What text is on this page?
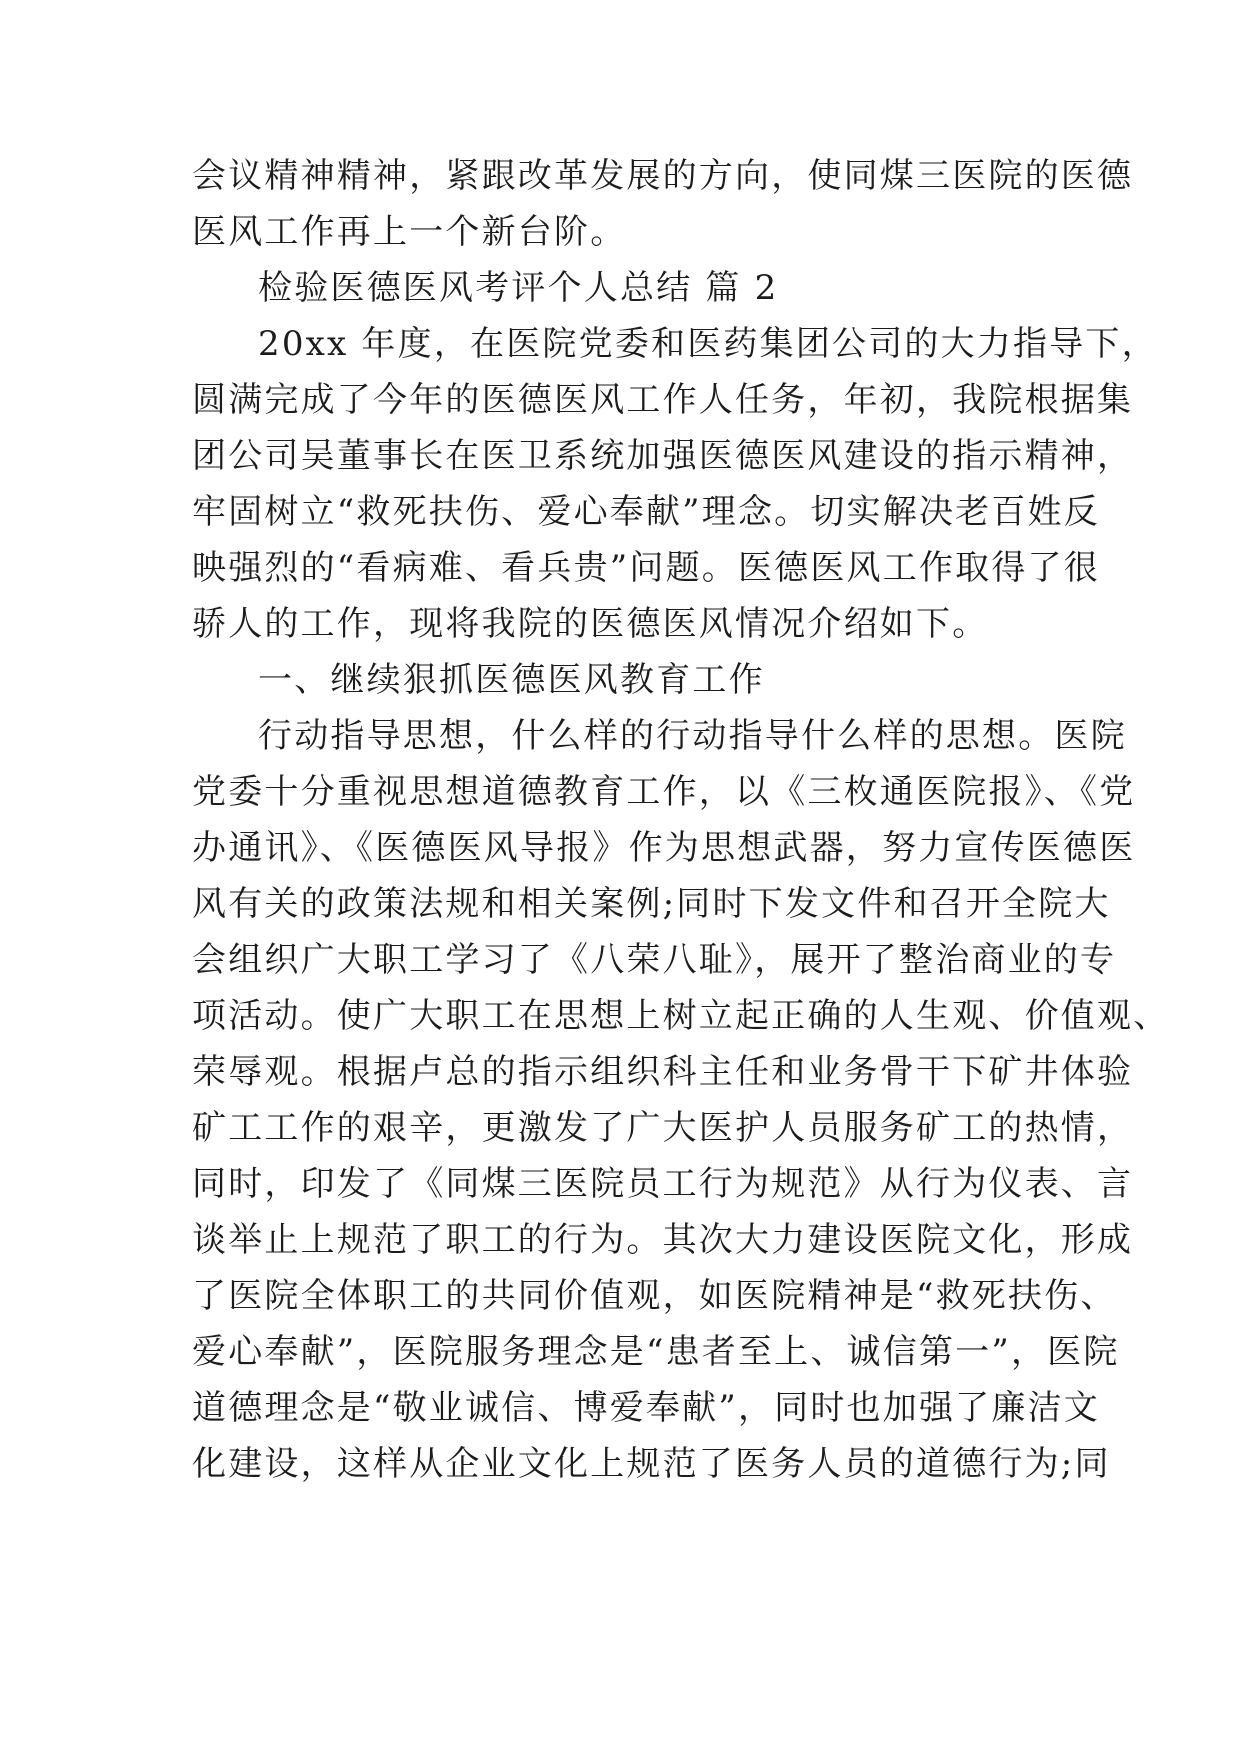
会议精神精神，紧跟改革发展的方向，使同煤三医院的医德
医风工作再上一个新台阶。
检验医德医风考评个人总结 篇 2
20xx 年度，在医院党委和医药集团公司的大力指导下，
圆满完成了今年的医德医风工作人任务，年初，我院根据集
团公司吴董事长在医卫系统加强医德医风建设的指示精神，
牢固树立“救死扶伤、爱心奉献”理念。切实解决老百姓反
映强烈的“看病难、看兵贵”问题。医德医风工作取得了很
骄人的工作，现将我院的医德医风情况介绍如下。
一、继续狠抓医德医风教育工作
行动指导思想，什么样的行动指导什么样的思想。医院
党委十分重视思想道德教育工作，以《三枚通医院报》、《党
办通讯》、《医德医风导报》作为思想武器，努力宣传医德医
风有关的政策法规和相关案例;同时下发文件和召开全院大
会组织广大职工学习了《八荣八耻》，展开了整治商业的专
项活动。使广大职工在思想上树立起正确的人生观、价值观、
荣辱观。根据卢总的指示组织科主任和业务骨干下矿井体验
矿工工作的艰辛，更激发了广大医护人员服务矿工的热情，
同时，印发了《同煤三医院员工行为规范》从行为仪表、言
谈举止上规范了职工的行为。其次大力建设医院文化，形成
了医院全体职工的共同价值观，如医院精神是“救死扶伤、
爱心奉献”，医院服务理念是“患者至上、诚信第一”，医院
道德理念是“敬业诚信、博爱奉献”，同时也加强了廉洁文
化建设，这样从企业文化上规范了医务人员的道德行为;同
